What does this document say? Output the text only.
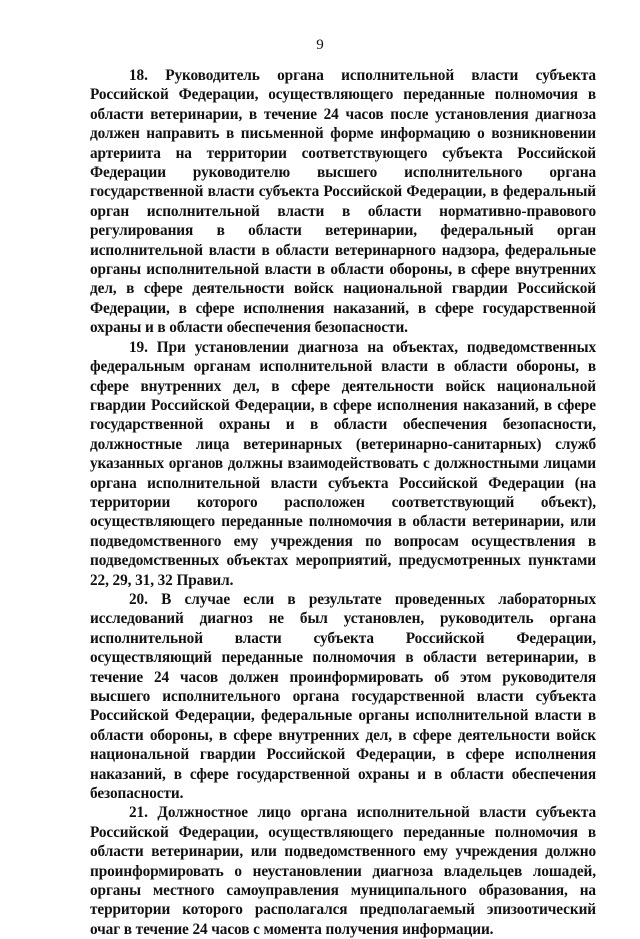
9

18. Руководитель органа исполнительной власти субъекта Российской Федерации, осуществляющего переданные полномочия в области ветеринарии, в течение 24 часов после установления диагноза должен направить в письменной форме информацию о возникновении артериита на территории соответствующего субъекта Российской Федерации руководителю высшего исполнительного органа государственной власти субъекта Российской Федерации, в федеральный орган исполнительной власти в области нормативно-правового регулирования в области ветеринарии, федеральный орган исполнительной власти в области ветеринарного надзора, федеральные органы исполнительной власти в области обороны, в сфере внутренних дел, в сфере деятельности войск национальной гвардии Российской Федерации, в сфере исполнения наказаний, в сфере государственной охраны и в области обеспечения безопасности.

19. При установлении диагноза на объектах, подведомственных федеральным органам исполнительной власти в области обороны, в сфере внутренних дел, в сфере деятельности войск национальной гвардии Российской Федерации, в сфере исполнения наказаний, в сфере государственной охраны и в области обеспечения безопасности, должностные лица ветеринарных (ветеринарно-санитарных) служб указанных органов должны взаимодействовать с должностными лицами органа исполнительной власти субъекта Российской Федерации (на территории которого расположен соответствующий объект), осуществляющего переданные полномочия в области ветеринарии, или подведомственного ему учреждения по вопросам осуществления в подведомственных объектах мероприятий, предусмотренных пунктами 22, 29, 31, 32 Правил.

20. В случае если в результате проведенных лабораторных исследований диагноз не был установлен, руководитель органа исполнительной власти субъекта Российской Федерации, осуществляющий переданные полномочия в области ветеринарии, в течение 24 часов должен проинформировать об этом руководителя высшего исполнительного органа государственной власти субъекта Российской Федерации, федеральные органы исполнительной власти в области обороны, в сфере внутренних дел, в сфере деятельности войск национальной гвардии Российской Федерации, в сфере исполнения наказаний, в сфере государственной охраны и в области обеспечения безопасности.

21. Должностное лицо органа исполнительной власти субъекта Российской Федерации, осуществляющего переданные полномочия в области ветеринарии, или подведомственного ему учреждения должно проинформировать о неустановлении диагноза владельцев лошадей, органы местного самоуправления муниципального образования, на территории которого располагался предполагаемый эпизоотический очаг в течение 24 часов с момента получения информации.
